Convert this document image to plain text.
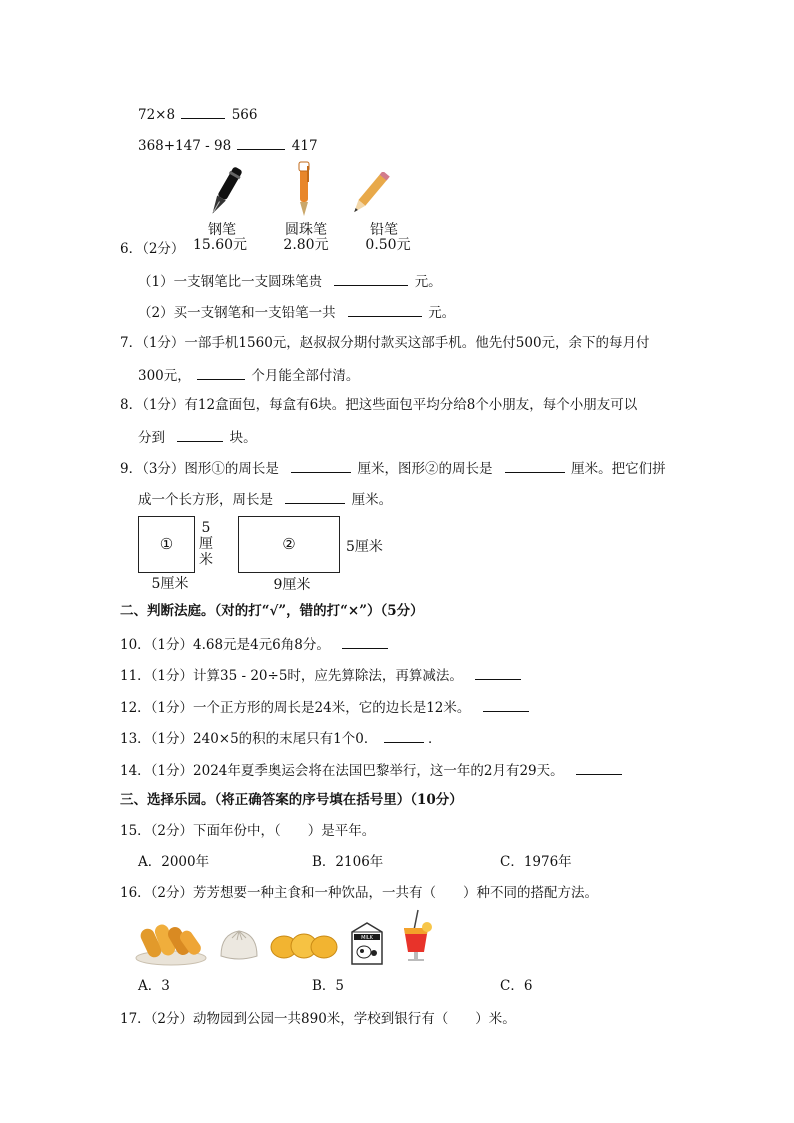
72×8	566
368+147 - 98	417
钢笔	圆珠笔	铅笔
15.60元	2.80元	0.50元
6．（2分）
（1）一支钢笔比一支圆珠笔贵	元。
（2）买一支钢笔和一支铅笔一共	元。
7．（1分）一部手机1560元，赵叔叔分期付款买这部手机。他先付500元，余下的每月付
300元，	个月能全部付清。
8．（1分）有12盒面包，每盒有6块。把这些面包平均分给8个小朋友，每个小朋友可以
分到	块。
9．（3分）图形①的周长是	厘米，图形②的周长是	厘米。把它们拼
成一个长方形，周长是	厘米。
①
5厘米
5厘米
②	5厘米
9厘米
二、判断法庭。（对的打“√”，错的打“×”）（5分）
10．（1分）4.68元是4元6角8分。
11．（1分）计算35 - 20÷5时，应先算除法，再算减法。
12．（1分）一个正方形的周长是24米，它的边长是12米。
13．（1分）240×5的积的末尾只有1个0．	．
14．（1分）2024年夏季奥运会将在法国巴黎举行，这一年的2月有29天。
三、选择乐园。（将正确答案的序号填在括号里）（10分）
15．（2分）下面年份中，（　　）是平年。
A．2000年	B．2106年	C．1976年
16．（2分）芳芳想要一种主食和一种饮品，一共有（　　）种不同的搭配方法。
MILK
A．3	B．5	C．6
17．（2分）动物园到公园一共890米，学校到银行有（　　）米。
